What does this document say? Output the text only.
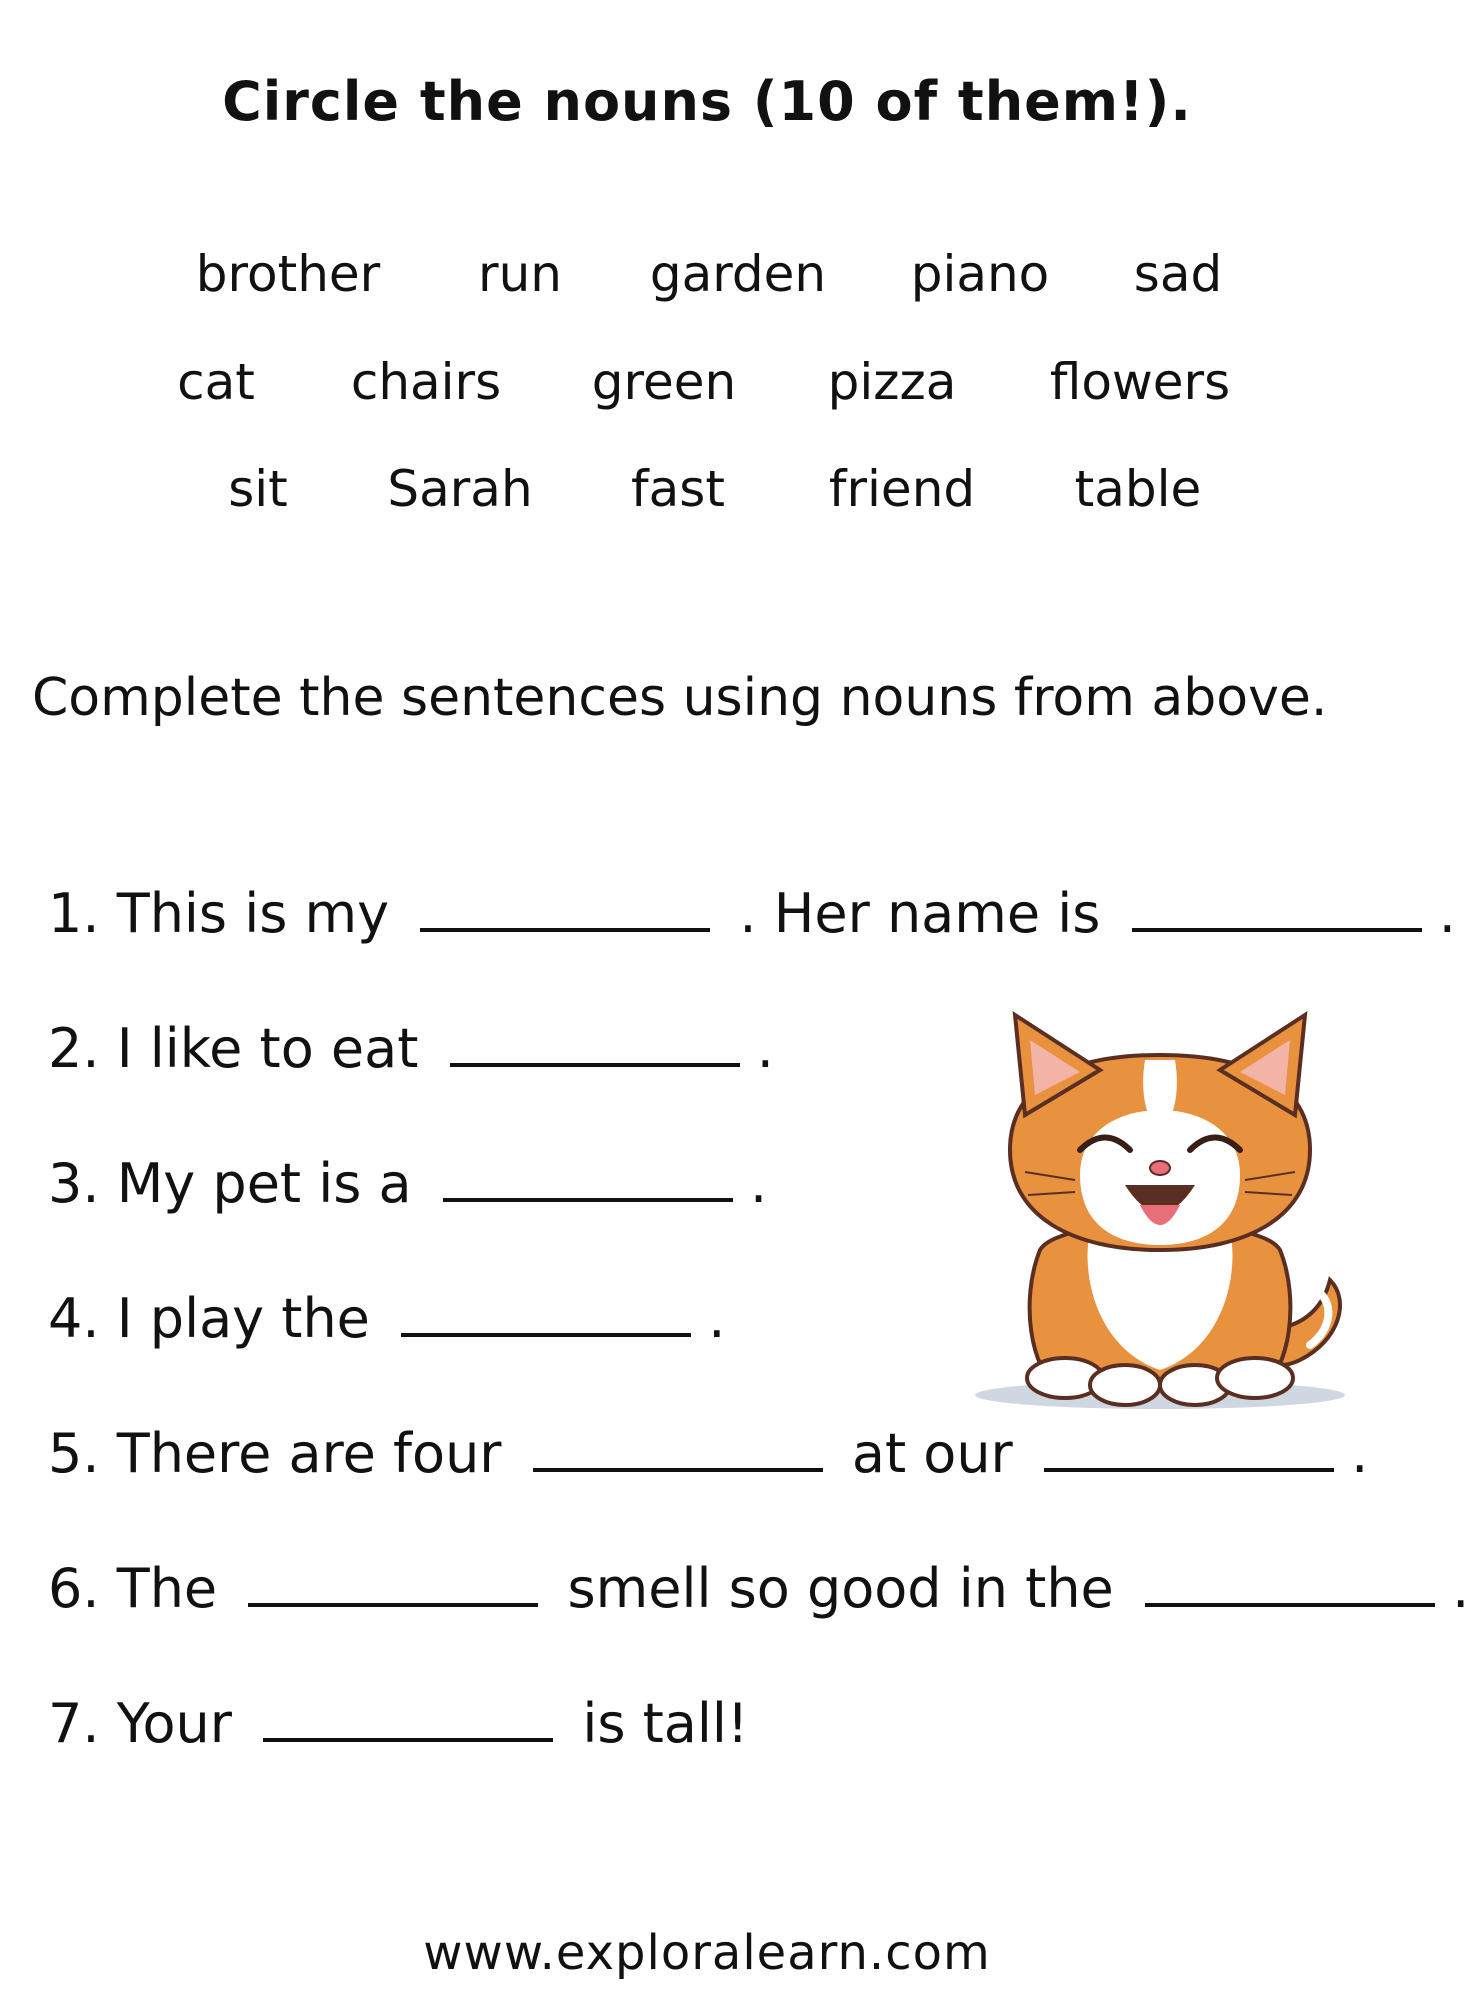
Circle the nouns (10 of them!).
brother run garden piano sad
cat chairs green pizza flowers
sit Sarah fast friend table
Complete the sentences using nouns from above.
1. This is my	. Her name is	.
2. I like to eat	.
3. My pet is a	.
4. I play the	.
5. There are four	at our	.
6. The	smell so good in the	.
7. Your	is tall!
www.exploralearn.com
